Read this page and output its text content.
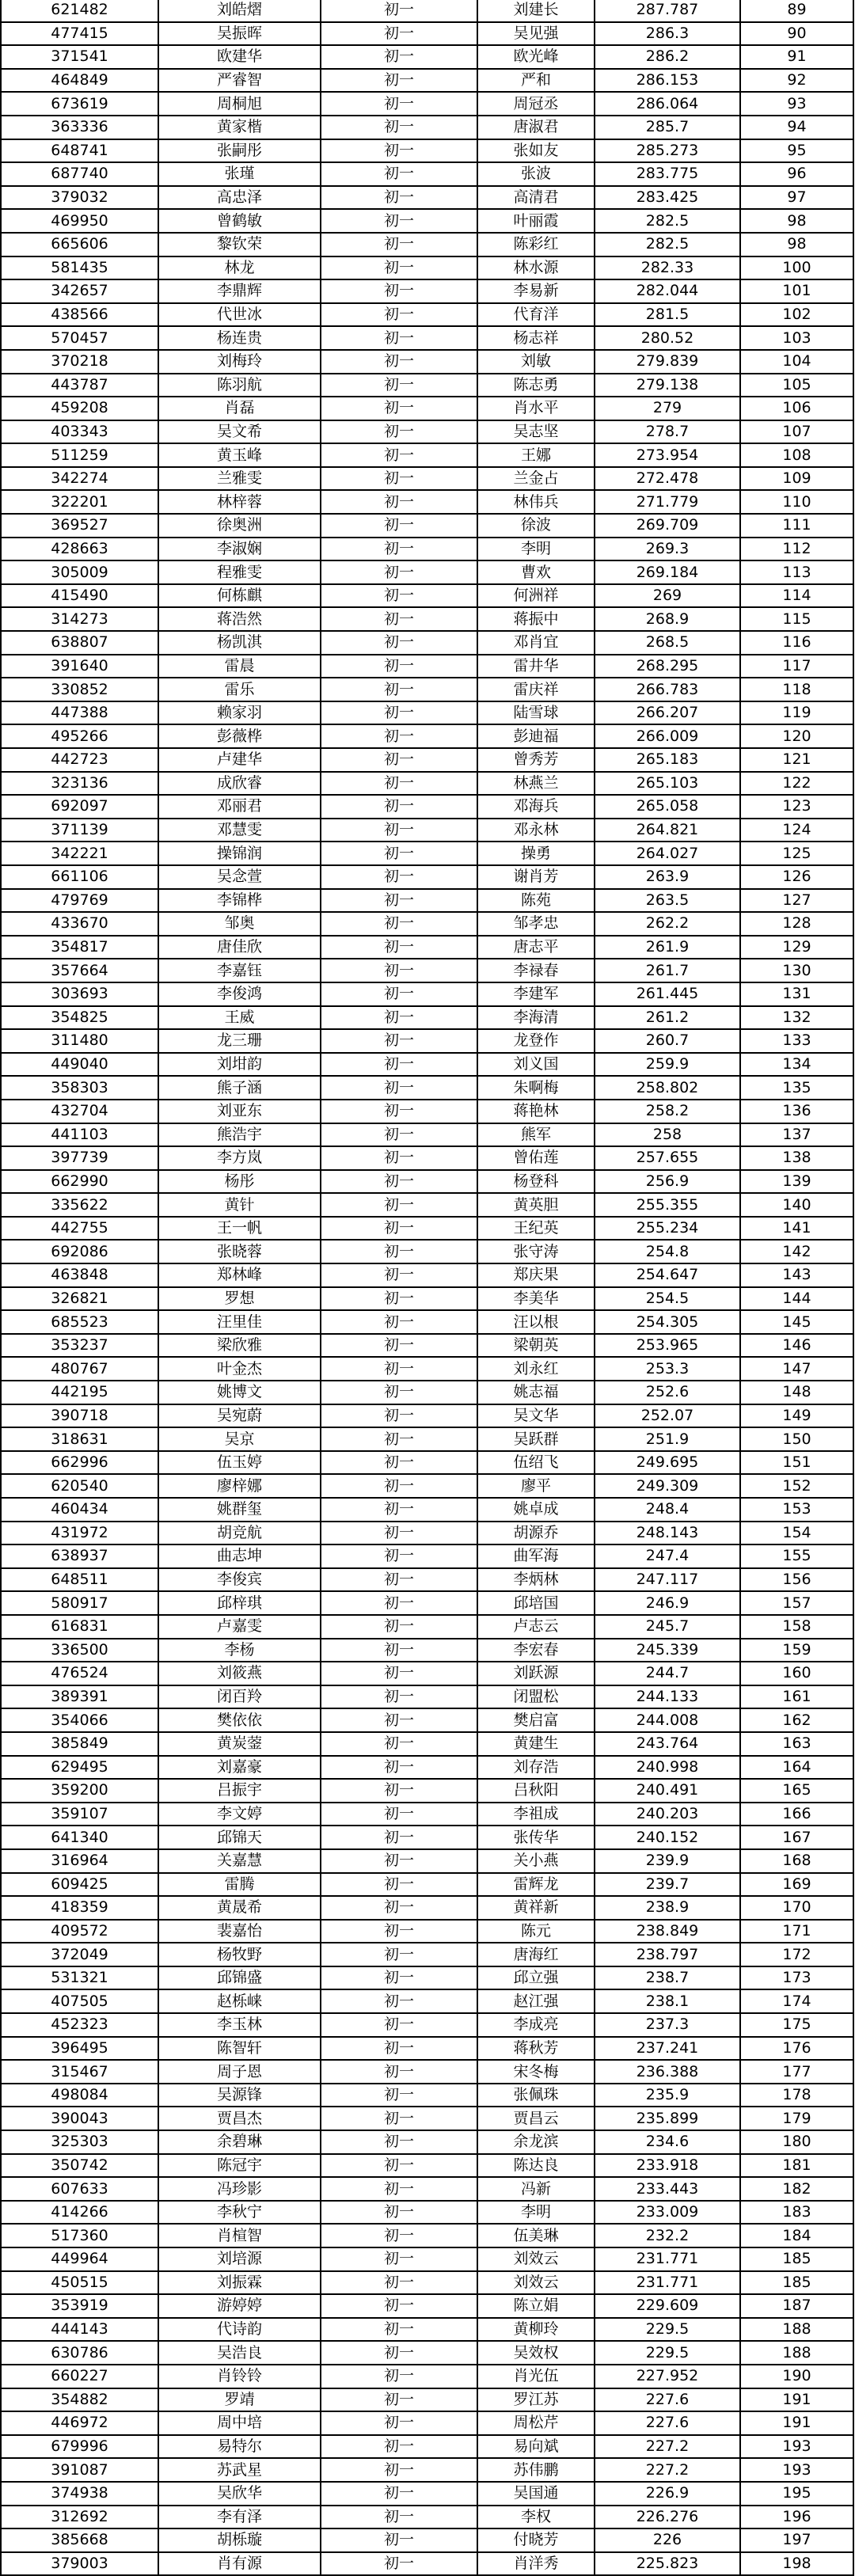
621482	刘皓熠	初一	刘建长	287.787	89
477415	吴振晖	初一	吴见强	286.3	90
371541	欧建华	初一	欧光峰	286.2	91
464849	严睿智	初一	严和	286.153	92
673619	周桐旭	初一	周冠丞	286.064	93
363336	黄家楷	初一	唐淑君	285.7	94
648741	张嗣彤	初一	张如友	285.273	95
687740	张瑾	初一	张波	283.775	96
379032	高忠泽	初一	高清君	283.425	97
469950	曾鹤敏	初一	叶丽霞	282.5	98
665606	黎钦荣	初一	陈彩红	282.5	98
581435	林龙	初一	林水源	282.33	100
342657	李鼎辉	初一	李易新	282.044	101
438566	代世冰	初一	代育洋	281.5	102
570457	杨连贵	初一	杨志祥	280.52	103
370218	刘梅玲	初一	刘敏	279.839	104
443787	陈羽航	初一	陈志勇	279.138	105
459208	肖磊	初一	肖水平	279	106
403343	吴文希	初一	吴志坚	278.7	107
511259	黄玉峰	初一	王娜	273.954	108
342274	兰雅雯	初一	兰金占	272.478	109
322201	林梓蓉	初一	林伟兵	271.779	110
369527	徐奥洲	初一	徐波	269.709	111
428663	李淑娴	初一	李明	269.3	112
305009	程雅雯	初一	曹欢	269.184	113
415490	何栋麒	初一	何洲祥	269	114
314273	蒋浩然	初一	蒋振中	268.9	115
638807	杨凯淇	初一	邓肖宜	268.5	116
391640	雷晨	初一	雷井华	268.295	117
330852	雷乐	初一	雷庆祥	266.783	118
447388	赖家羽	初一	陆雪球	266.207	119
495266	彭薇桦	初一	彭迪福	266.009	120
442723	卢建华	初一	曾秀芳	265.183	121
323136	成欣睿	初一	林燕兰	265.103	122
692097	邓丽君	初一	邓海兵	265.058	123
371139	邓慧雯	初一	邓永林	264.821	124
342221	操锦润	初一	操勇	264.027	125
661106	吴念萱	初一	谢肖芳	263.9	126
479769	李锦桦	初一	陈苑	263.5	127
433670	邹奥	初一	邹孝忠	262.2	128
354817	唐佳欣	初一	唐志平	261.9	129
357664	李嘉钰	初一	李禄春	261.7	130
303693	李俊鸿	初一	李建军	261.445	131
354825	王威	初一	李海清	261.2	132
311480	龙三珊	初一	龙登作	260.7	133
449040	刘坩韵	初一	刘义国	259.9	134
358303	熊子涵	初一	朱啊梅	258.802	135
432704	刘亚东	初一	蒋艳林	258.2	136
441103	熊浩宇	初一	熊军	258	137
397739	李方岚	初一	曾佑莲	257.655	138
662990	杨彤	初一	杨登科	256.9	139
335622	黄针	初一	黄英胆	255.355	140
442755	王一帆	初一	王纪英	255.234	141
692086	张晓蓉	初一	张守涛	254.8	142
463848	郑林峰	初一	郑庆果	254.647	143
326821	罗想	初一	李美华	254.5	144
685523	汪里佳	初一	汪以根	254.305	145
353237	梁欣雅	初一	梁朝英	253.965	146
480767	叶金杰	初一	刘永红	253.3	147
442195	姚博文	初一	姚志福	252.6	148
390718	吴宛蔚	初一	吴文华	252.07	149
318631	吴京	初一	吴跃群	251.9	150
662996	伍玉婷	初一	伍绍飞	249.695	151
620540	廖梓娜	初一	廖平	249.309	152
460434	姚群玺	初一	姚卓成	248.4	153
431972	胡竞航	初一	胡源乔	248.143	154
638937	曲志坤	初一	曲军海	247.4	155
648511	李俊宾	初一	李炳林	247.117	156
580917	邱梓琪	初一	邱培国	246.9	157
616831	卢嘉雯	初一	卢志云	245.7	158
336500	李杨	初一	李宏春	245.339	159
476524	刘筱燕	初一	刘跃源	244.7	160
389391	闭百羚	初一	闭盟松	244.133	161
354066	樊依依	初一	樊启富	244.008	162
385849	黄炭蓥	初一	黄建生	243.764	163
629495	刘嘉豪	初一	刘存浩	240.998	164
359200	吕振宇	初一	吕秋阳	240.491	165
359107	李文婷	初一	李祖成	240.203	166
641340	邱锦天	初一	张传华	240.152	167
316964	关嘉慧	初一	关小燕	239.9	168
609425	雷腾	初一	雷辉龙	239.7	169
418359	黄晟希	初一	黄祥新	238.9	170
409572	裴嘉怡	初一	陈元	238.849	171
372049	杨牧野	初一	唐海红	238.797	172
531321	邱锦盛	初一	邱立强	238.7	173
407505	赵栎崃	初一	赵江强	238.1	174
452323	李玉林	初一	李成亮	237.3	175
396495	陈智轩	初一	蒋秋芳	237.241	176
315467	周子恩	初一	宋冬梅	236.388	177
498084	吴源锋	初一	张佩珠	235.9	178
390043	贾昌杰	初一	贾昌云	235.899	179
325303	余碧琳	初一	余龙滨	234.6	180
350742	陈冠宇	初一	陈达良	233.918	181
607633	冯珍影	初一	冯新	233.443	182
414266	李秋宁	初一	李明	233.009	183
517360	肖楦智	初一	伍美琳	232.2	184
449964	刘培源	初一	刘效云	231.771	185
450515	刘振霖	初一	刘效云	231.771	185
353919	游婷婷	初一	陈立娟	229.609	187
444143	代诗韵	初一	黄柳玲	229.5	188
630786	吴浩良	初一	吴效权	229.5	188
660227	肖铃铃	初一	肖光伍	227.952	190
354882	罗靖	初一	罗江苏	227.6	191
446972	周中培	初一	周松芹	227.6	191
679996	易特尔	初一	易向斌	227.2	193
391087	苏武星	初一	苏伟鹏	227.2	193
374938	吴欣华	初一	吴国通	226.9	195
312692	李有泽	初一	李权	226.276	196
385668	胡栎璇	初一	付晓芳	226	197
379003	肖有源	初一	肖洋秀	225.823	198
